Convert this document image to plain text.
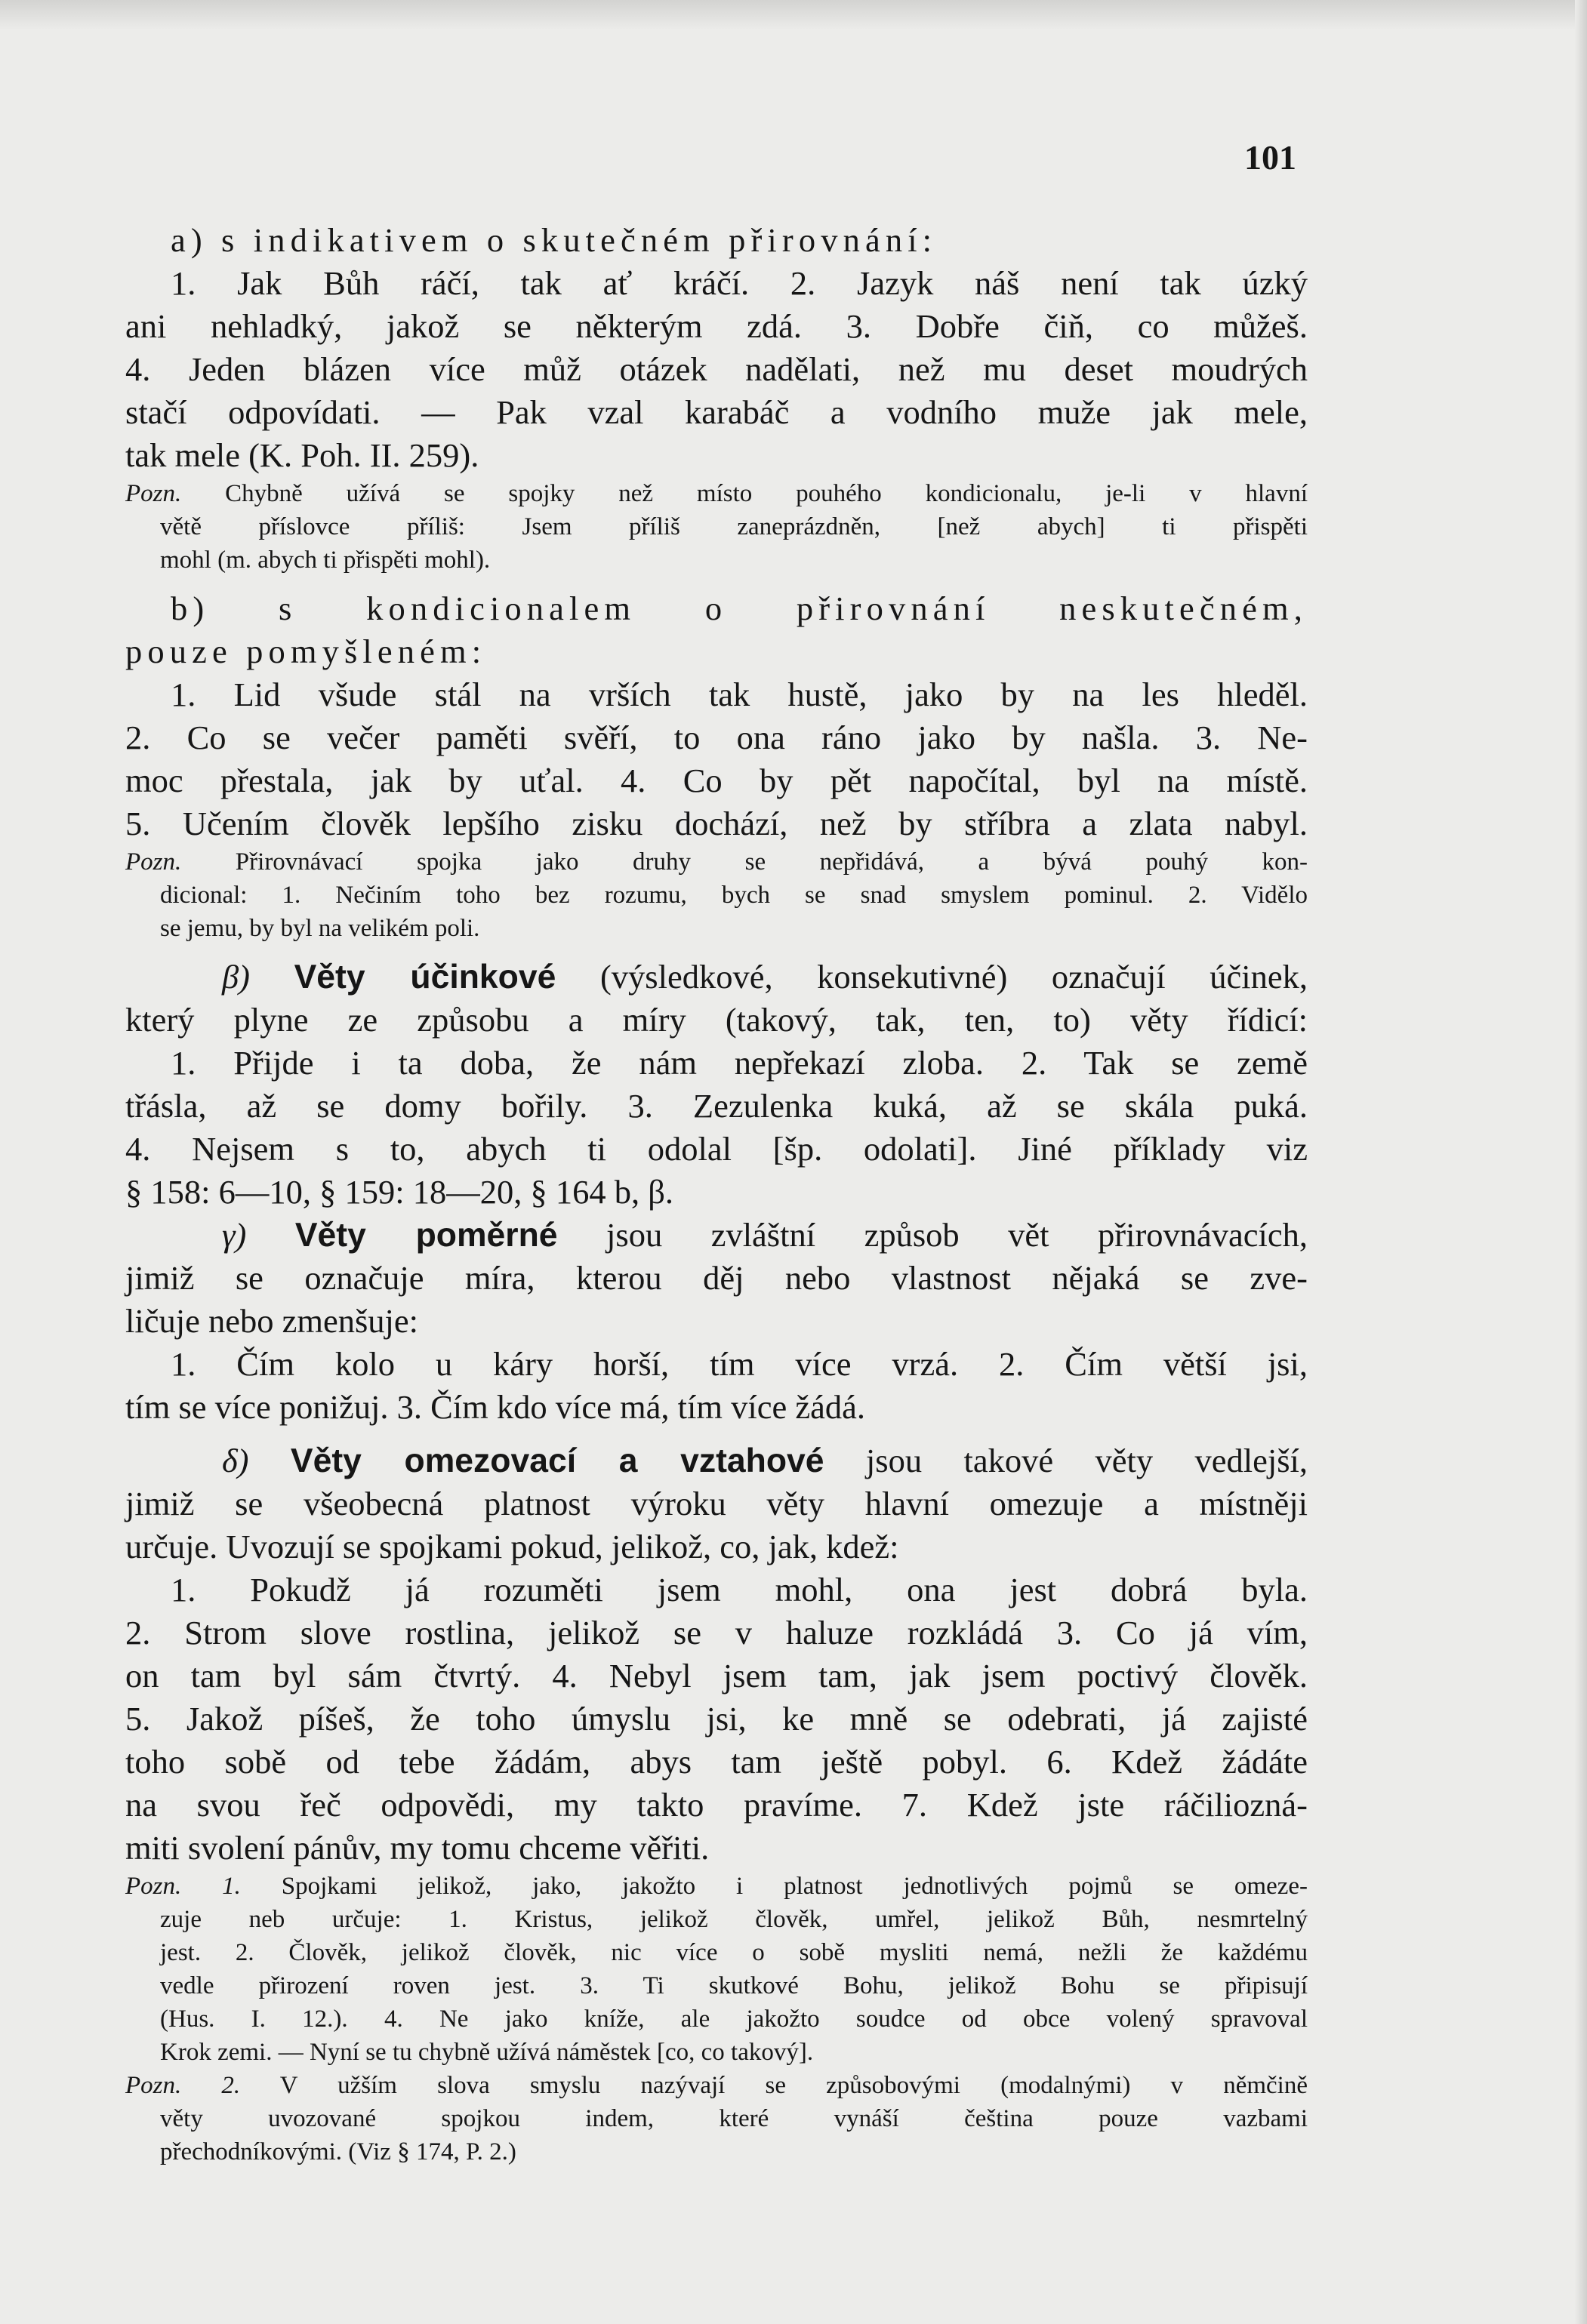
101
a) s indikativem o skutečném přirovnání:
1. Jak Bůh ráčí, tak ať kráčí. 2. Jazyk náš není tak úzký
ani nehladký, jakož se některým zdá. 3. Dobře čiň, co můžeš.
4. Jeden blázen více můž otázek nadělati, než mu deset moudrých
stačí odpovídati. — Pak vzal karabáč a vodního muže jak mele,
tak mele (K. Poh. II. 259).
Pozn. Chybně užívá se spojky než místo pouhého kondicionalu, je-li v hlavní
větě příslovce příliš: Jsem příliš zaneprázdněn, [než abych] ti přispěti
mohl (m. abych ti přispěti mohl).
b) s kondicionalem o přirovnání neskutečném,
pouze pomyšleném:
1. Lid všude stál na vrších tak hustě, jako by na les hleděl.
2. Co se večer paměti svěří, to ona ráno jako by našla. 3. Ne-
moc přestala, jak by uťal. 4. Co by pět napočítal, byl na místě.
5. Učením člověk lepšího zisku dochází, než by stříbra a zlata nabyl.
Pozn. Přirovnávací spojka jako druhy se nepřidává, a bývá pouhý kon-
dicional: 1. Nečiním toho bez rozumu, bych se snad smyslem pominul. 2. Vidělo
se jemu, by byl na velikém poli.
β) Věty účinkové (výsledkové, konsekutivné) označují účinek,
který plyne ze způsobu a míry (takový, tak, ten, to) věty řídicí:
1. Přijde i ta doba, že nám nepřekazí zloba. 2. Tak se země
třásla, až se domy bořily. 3. Zezulenka kuká, až se skála puká.
4. Nejsem s to, abych ti odolal [šp. odolati]. Jiné příklady viz
§ 158: 6—10, § 159: 18—20, § 164 b, β.
γ) Věty poměrné jsou zvláštní způsob vět přirovnávacích,
jimiž se označuje míra, kterou děj nebo vlastnost nějaká se zve-
ličuje nebo zmenšuje:
1. Čím kolo u káry horší, tím více vrzá. 2. Čím větší jsi,
tím se více ponižuj. 3. Čím kdo více má, tím více žádá.
δ) Věty omezovací a vztahové jsou takové věty vedlejší,
jimiž se všeobecná platnost výroku věty hlavní omezuje a místněji
určuje. Uvozují se spojkami pokud, jelikož, co, jak, kdež:
1. Pokudž já rozuměti jsem mohl, ona jest dobrá byla.
2. Strom slove rostlina, jelikož se v haluze rozkládá 3. Co já vím,
on tam byl sám čtvrtý. 4. Nebyl jsem tam, jak jsem poctivý člověk.
5. Jakož píšeš, že toho úmyslu jsi, ke mně se odebrati, já zajisté
toho sobě od tebe žádám, abys tam ještě pobyl. 6. Kdež žádáte
na svou řeč odpovědi, my takto pravíme. 7. Kdež jste ráčiliozná-
miti svolení pánův, my tomu chceme věřiti.
Pozn. 1. Spojkami jelikož, jako, jakožto i platnost jednotlivých pojmů se omeze-
zuje neb určuje: 1. Kristus, jelikož člověk, umřel, jelikož Bůh, nesmrtelný
jest. 2. Člověk, jelikož člověk, nic více o sobě mysliti nemá, nežli že každému
vedle přirození roven jest. 3. Ti skutkové Bohu, jelikož Bohu se připisují
(Hus. I. 12.). 4. Ne jako kníže, ale jakožto soudce od obce volený spravoval
Krok zemi. — Nyní se tu chybně užívá náměstek [co, co takový].
Pozn. 2. V užším slova smyslu nazývají se způsobovými (modalnými) v němčině
věty uvozované spojkou indem, které vynáší čeština pouze vazbami
přechodníkovými. (Viz § 174, P. 2.)
